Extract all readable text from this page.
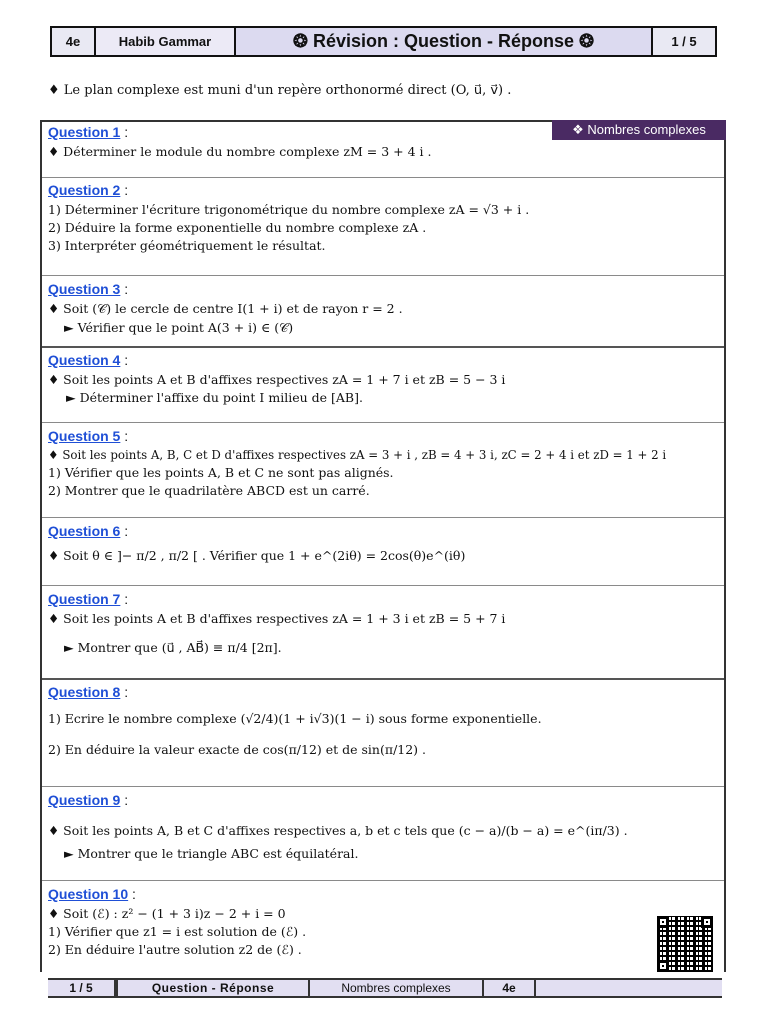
4e	Habib Gammar	❂ Révision : Question - Réponse ❂	1 / 5
♦ Le plan complexe est muni d'un repère orthonormé direct (O, u⃗, v⃗) .
❖ Nombres complexes
Question 1 :
♦ Déterminer le module du nombre complexe zM = 3 + 4 i .
Question 2 :
1) Déterminer l'écriture trigonométrique du nombre complexe zA = √3 + i .
2) Déduire la forme exponentielle du nombre complexe zA .
3) Interpréter géométriquement le résultat.
Question 3 :
♦ Soit (𝒞) le cercle de centre I(1 + i) et de rayon r = 2 .
► Vérifier que le point A(3 + i) ∈ (𝒞)
Question 4 :
♦ Soit les points A et B d'affixes respectives zA = 1 + 7 i et zB = 5 − 3 i
► Déterminer l'affixe du point I milieu de [AB].
Question 5 :
♦ Soit les points A, B, C et D d'affixes respectives zA = 3 + i , zB = 4 + 3 i, zC = 2 + 4 i et zD = 1 + 2 i
1) Vérifier que les points A, B et C ne sont pas alignés.
2) Montrer que le quadrilatère ABCD est un carré.
Question 6 :
♦ Soit θ ∈ ]− π/2 , π/2 [ . Vérifier que 1 + e^(2iθ) = 2cos(θ)e^(iθ)
Question 7 :
♦ Soit les points A et B d'affixes respectives zA = 1 + 3 i et zB = 5 + 7 i
► Montrer que (u⃗ , AB⃗) ≡ π/4 [2π].
Question 8 :
1) Ecrire le nombre complexe (√2/4)(1 + i√3)(1 − i) sous forme exponentielle.
2) En déduire la valeur exacte de cos(π/12) et de sin(π/12) .
Question 9 :
♦ Soit les points A, B et C d'affixes respectives a, b et c tels que (c − a)/(b − a) = e^(iπ/3) .
► Montrer que le triangle ABC est équilatéral.
Question 10 :
♦ Soit (ℰ) : z² − (1 + 3 i)z − 2 + i = 0
1) Vérifier que z1 = i est solution de (ℰ) .
2) En déduire l'autre solution z2 de (ℰ) .
1 / 5	Question - Réponse	Nombres complexes	4e
